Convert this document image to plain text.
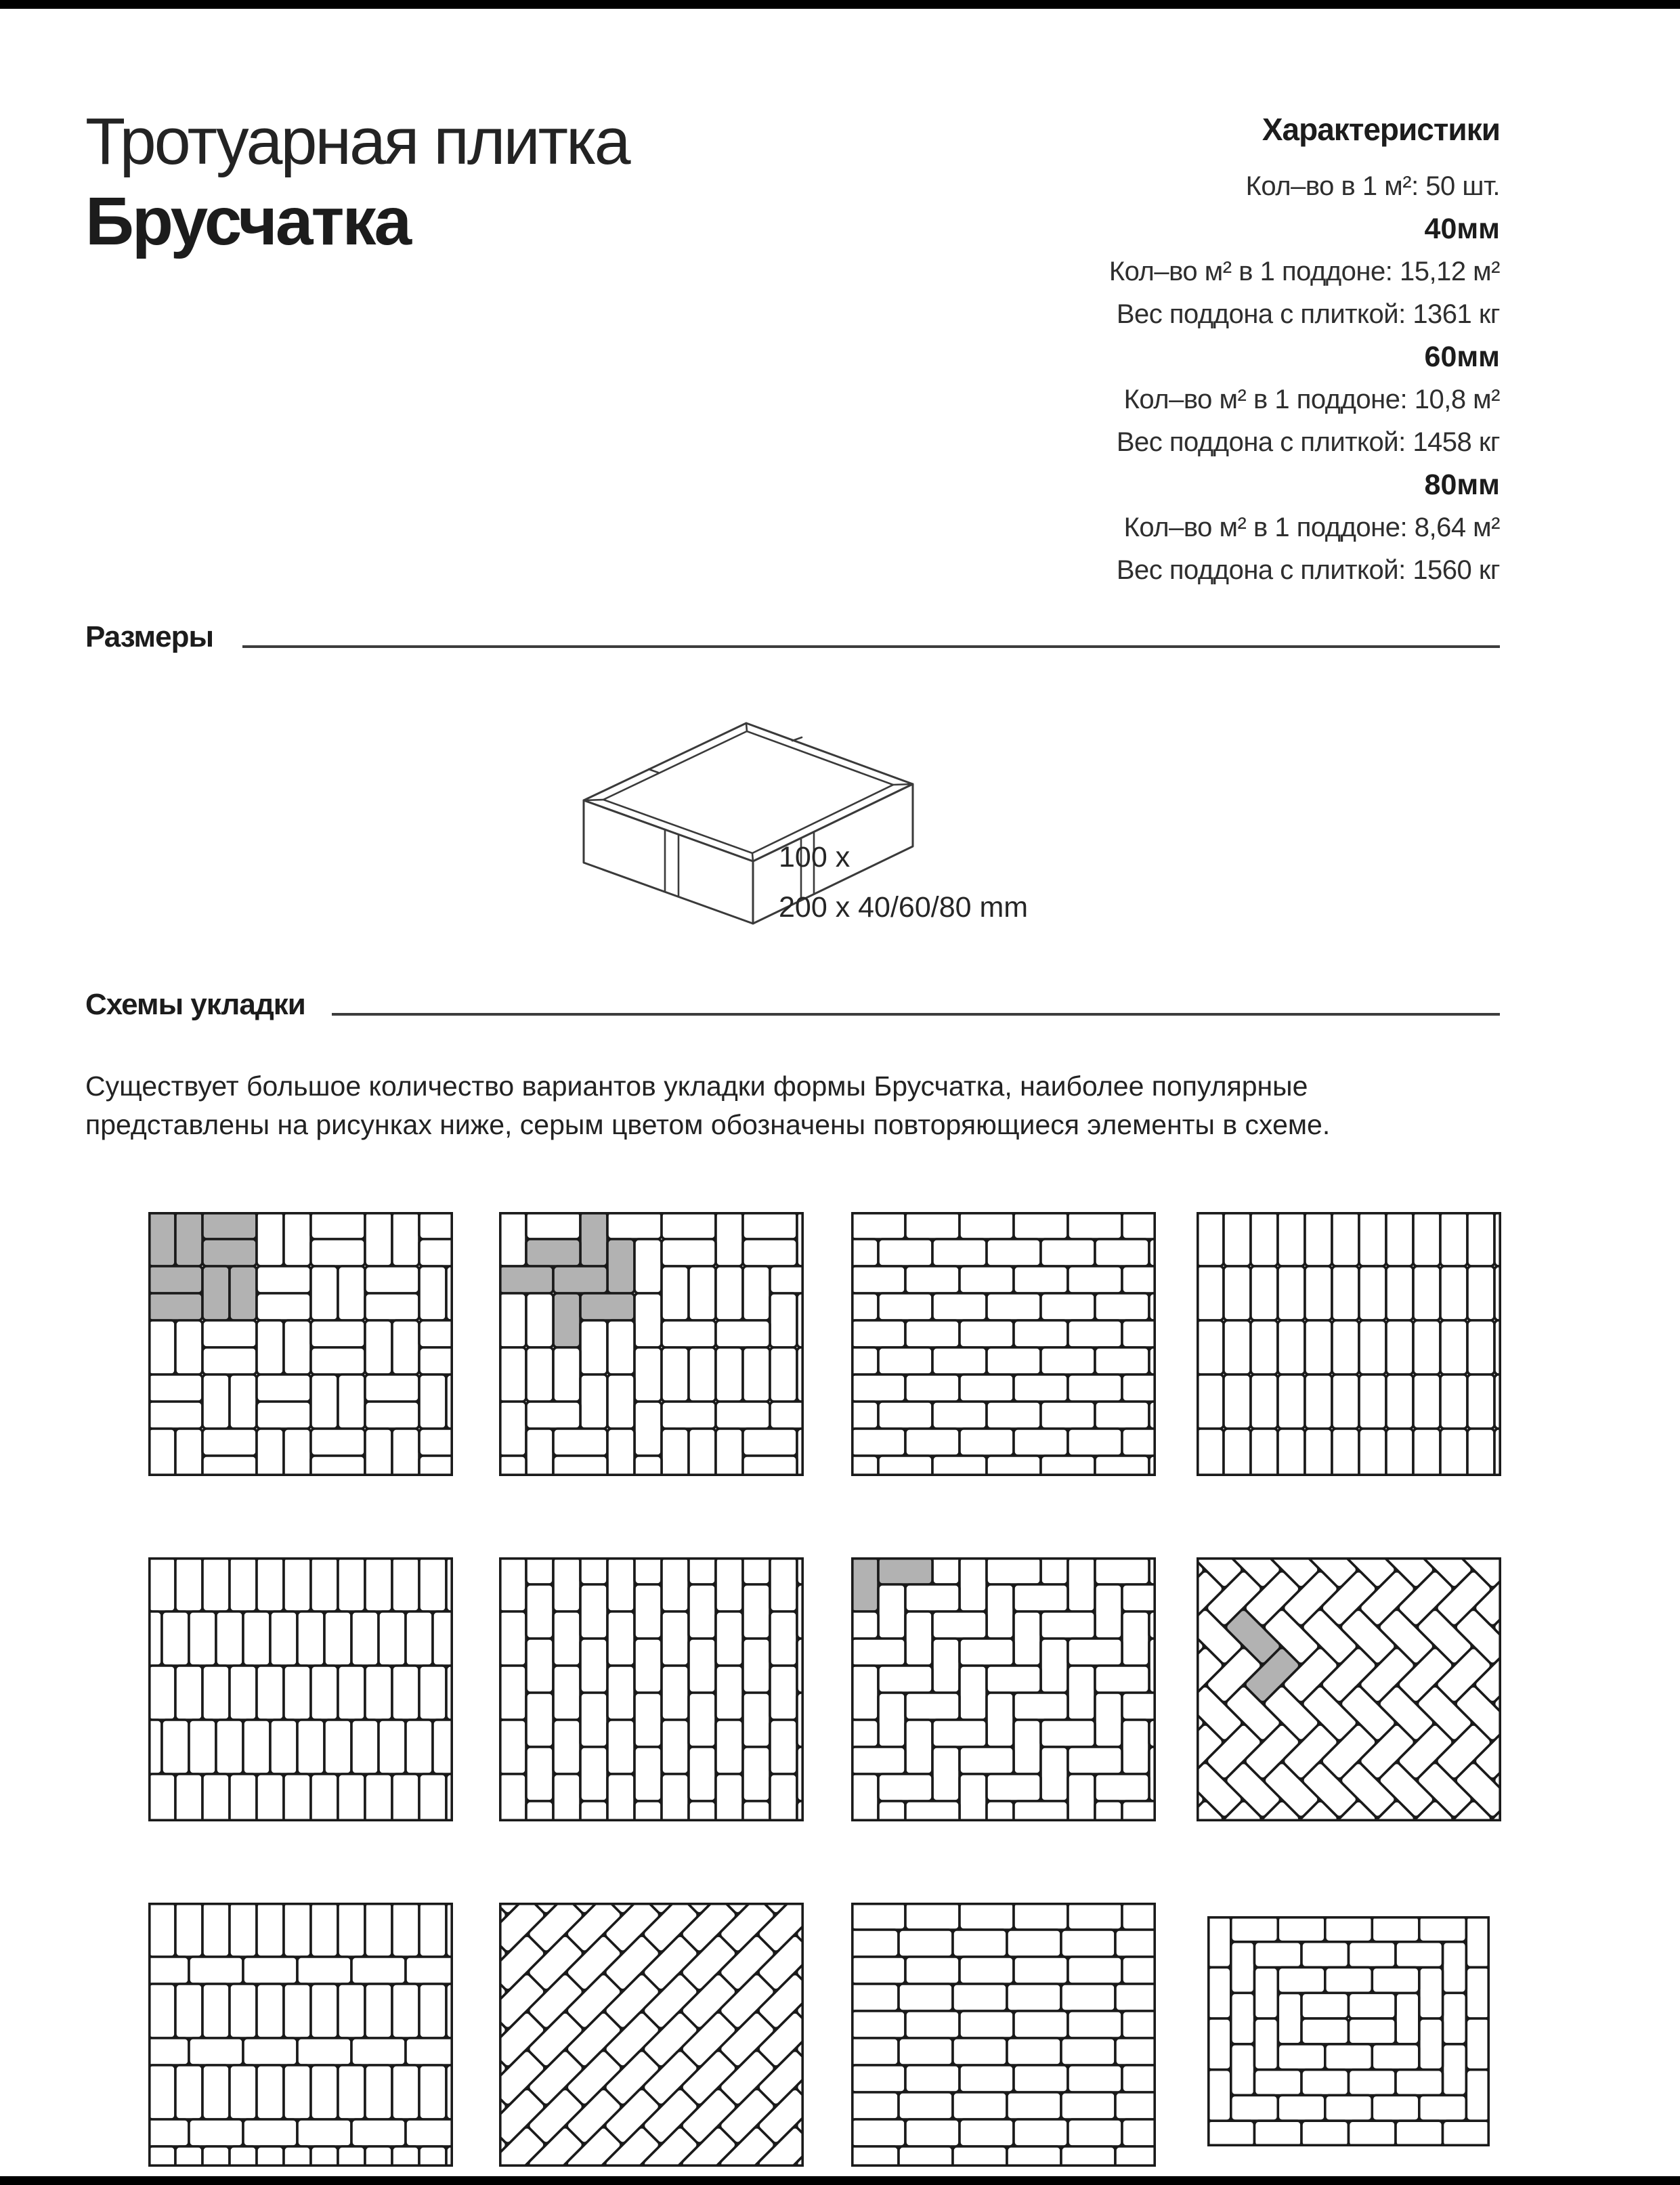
Тротуарная плитка
Брусчатка
Характеристики
Кол–во в 1 м²: 50 шт.
40мм
Кол–во м² в 1 поддоне: 15,12 м²
Вес поддона с плиткой: 1361 кг
60мм
Кол–во м² в 1 поддоне: 10,8 м²
Вес поддона с плиткой: 1458 кг
80мм
Кол–во м² в 1 поддоне: 8,64 м²
Вес поддона с плиткой: 1560 кг
Размеры
100 x
200 x 40/60/80 mm
Схемы укладки
Существует большое количество вариантов укладки формы Брусчатка, наиболее популярные представлены на рисунках ниже, серым цветом обозначены повторяющиеся элементы в схеме.
